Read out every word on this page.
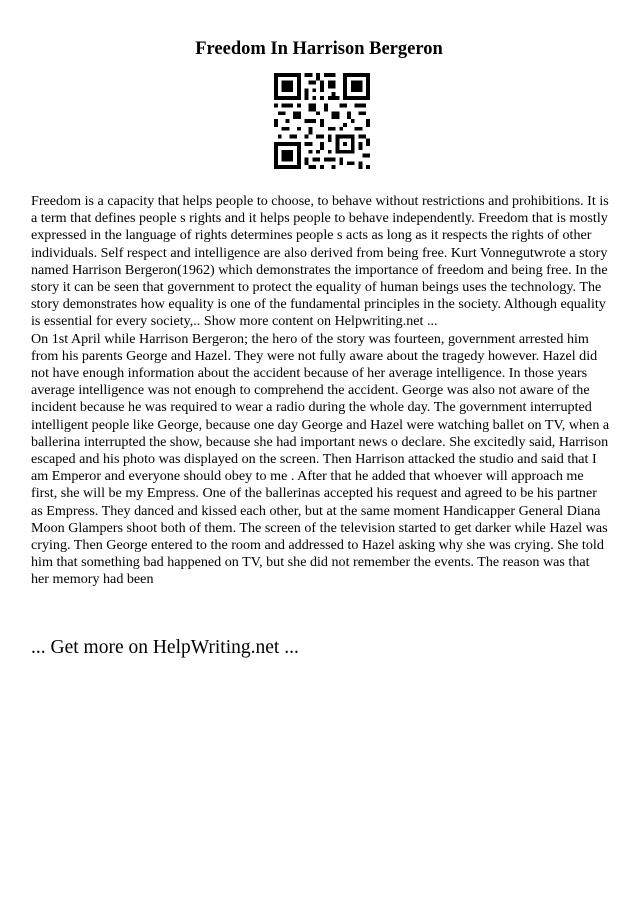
Freedom In Harrison Bergeron

Freedom is a capacity that helps people to choose, to behave without restrictions and prohibitions. It is a term that defines people s rights and it helps people to behave independently. Freedom that is mostly expressed in the language of rights determines people s acts as long as it respects the rights of other individuals. Self respect and intelligence are also derived from being free. Kurt Vonnegutwrote a story named Harrison Bergeron(1962) which demonstrates the importance of freedom and being free. In the story it can be seen that government to protect the equality of human beings uses the technology. The story demonstrates how equality is one of the fundamental principles in the society. Although equality is essential for every society,.. Show more content on Helpwriting.net ...

On 1st April while Harrison Bergeron; the hero of the story was fourteen, government arrested him from his parents George and Hazel. They were not fully aware about the tragedy however. Hazel did not have enough information about the accident because of her average intelligence. In those years average intelligence was not enough to comprehend the accident. George was also not aware of the incident because he was required to wear a radio during the whole day. The government interrupted intelligent people like George, because one day George and Hazel were watching ballet on TV, when a ballerina interrupted the show, because she had important news o declare. She excitedly said, Harrison escaped and his photo was displayed on the screen. Then Harrison attacked the studio and said that I am Emperor and everyone should obey to me . After that he added that whoever will approach me first, she will be my Empress. One of the ballerinas accepted his request and agreed to be his partner as Empress. They danced and kissed each other, but at the same moment Handicapper General Diana Moon Glampers shoot both of them. The screen of the television started to get darker while Hazel was crying. Then George entered to the room and addressed to Hazel asking why she was crying. She told him that something bad happened on TV, but she did not remember the events. The reason was that her memory had been

... Get more on HelpWriting.net ...
